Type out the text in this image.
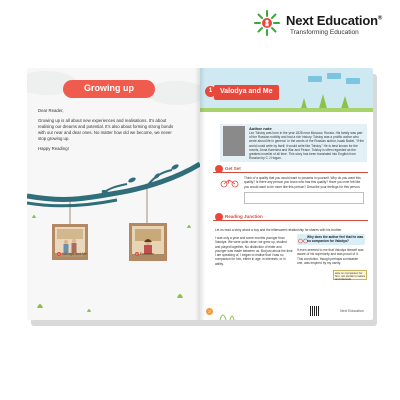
Next Education®
Transforming Education
Growing up

Dear Reader,

Growing up is all about new experiences and realisations. It’s about realising our dreams and potential. It’s also about forming strong bonds with our near and dear ones. No matter how old we become, we never stop growing up.

Happy Reading!

1 Valodya and Me	2 Freedom
1	Valodya and Me
Author note
Leo Tolstoy was born in the year 1828 near Moscow, Russia. His family was part of the Russian nobility and had a rich history. Tolstoy was a prolific author who wrote about life in general. In the words of the Russian author, Isaak Babel, “If the world could write by itself, it would write like Tolstoy.” He is best known for the novels, Anna Karenina and War and Peace. Tolstoy is often regarded as the greatest novelist of all time. This story has been translated into English from Russian by C J Hogan.
Get Set
Think of a quality that you would want to possess in yourself. Why do you want this quality? Is there any person you know who has this quality? Have you ever felt like you would want to be more like this person? Describe your feelings for this person.
Reading Junction
Let us read a story about a boy and the bittersweet relationship he shares with his brother.
I was only a year and some months younger than Valodya. We were quite close; we grew up, studied and played together. No distinction of elder and younger was made between us. But just about the time I am speaking of, I began to realise that I was no companion for him, either in age, in interests, or in ability.
Why does the author feel that he was no companion for Valodya?
It even seemed to me that Valodya himself was aware of his superiority and was proud of it. This conviction, though perhaps a mistaken one, was inspired by my vanity.
was no companion for him: not similar in tastes and interests
2	Next Education
